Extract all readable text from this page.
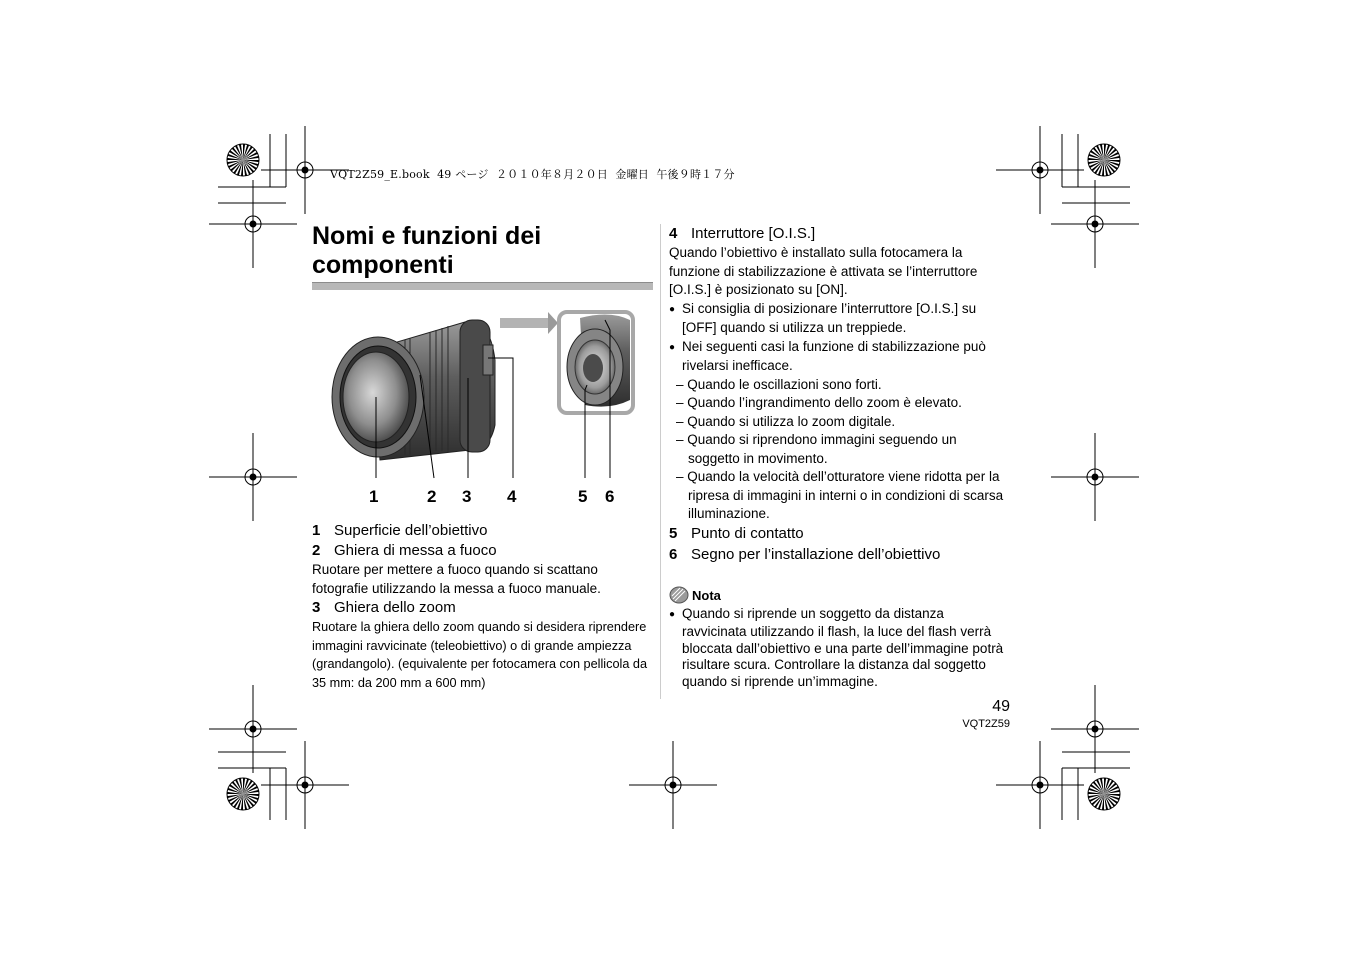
VQT2Z59_E.book  49 ページ  ２０１０年８月２０日  金曜日  午後９時１７分
Nomi e funzioni dei componenti
1	2 3 4	5 6
1 Superficie dell’obiettivo
2 Ghiera di messa a fuoco
Ruotare per mettere a fuoco quando si scattano fotografie utilizzando la messa a fuoco manuale.
3 Ghiera dello zoom
Ruotare la ghiera dello zoom quando si desidera riprendere immagini ravvicinate (teleobiettivo) o di grande ampiezza (grandangolo). (equivalente per fotocamera con pellicola da 35 mm: da 200 mm a 600 mm)
4 Interruttore [O.I.S.]
Quando l’obiettivo è installato sulla fotocamera la funzione di stabilizzazione è attivata se l’interruttore [O.I.S.] è posizionato su [ON].
● Si consiglia di posizionare l’interruttore [O.I.S.] su [OFF] quando si utilizza un treppiede.
● Nei seguenti casi la funzione di stabilizzazione può rivelarsi inefficace.
– Quando le oscillazioni sono forti.
– Quando l’ingrandimento dello zoom è elevato.
– Quando si utilizza lo zoom digitale.
– Quando si riprendono immagini seguendo un soggetto in movimento.
– Quando la velocità dell’otturatore viene ridotta per la ripresa di immagini in interni o in condizioni di scarsa illuminazione.
5 Punto di contatto
6 Segno per l’installazione dell’obiettivo
Nota
● Quando si riprende un soggetto da distanza ravvicinata utilizzando il flash, la luce del flash verrà bloccata dall’obiettivo e una parte dell’immagine potrà risultare scura. Controllare la distanza dal soggetto quando si riprende un’immagine.
49
VQT2Z59
